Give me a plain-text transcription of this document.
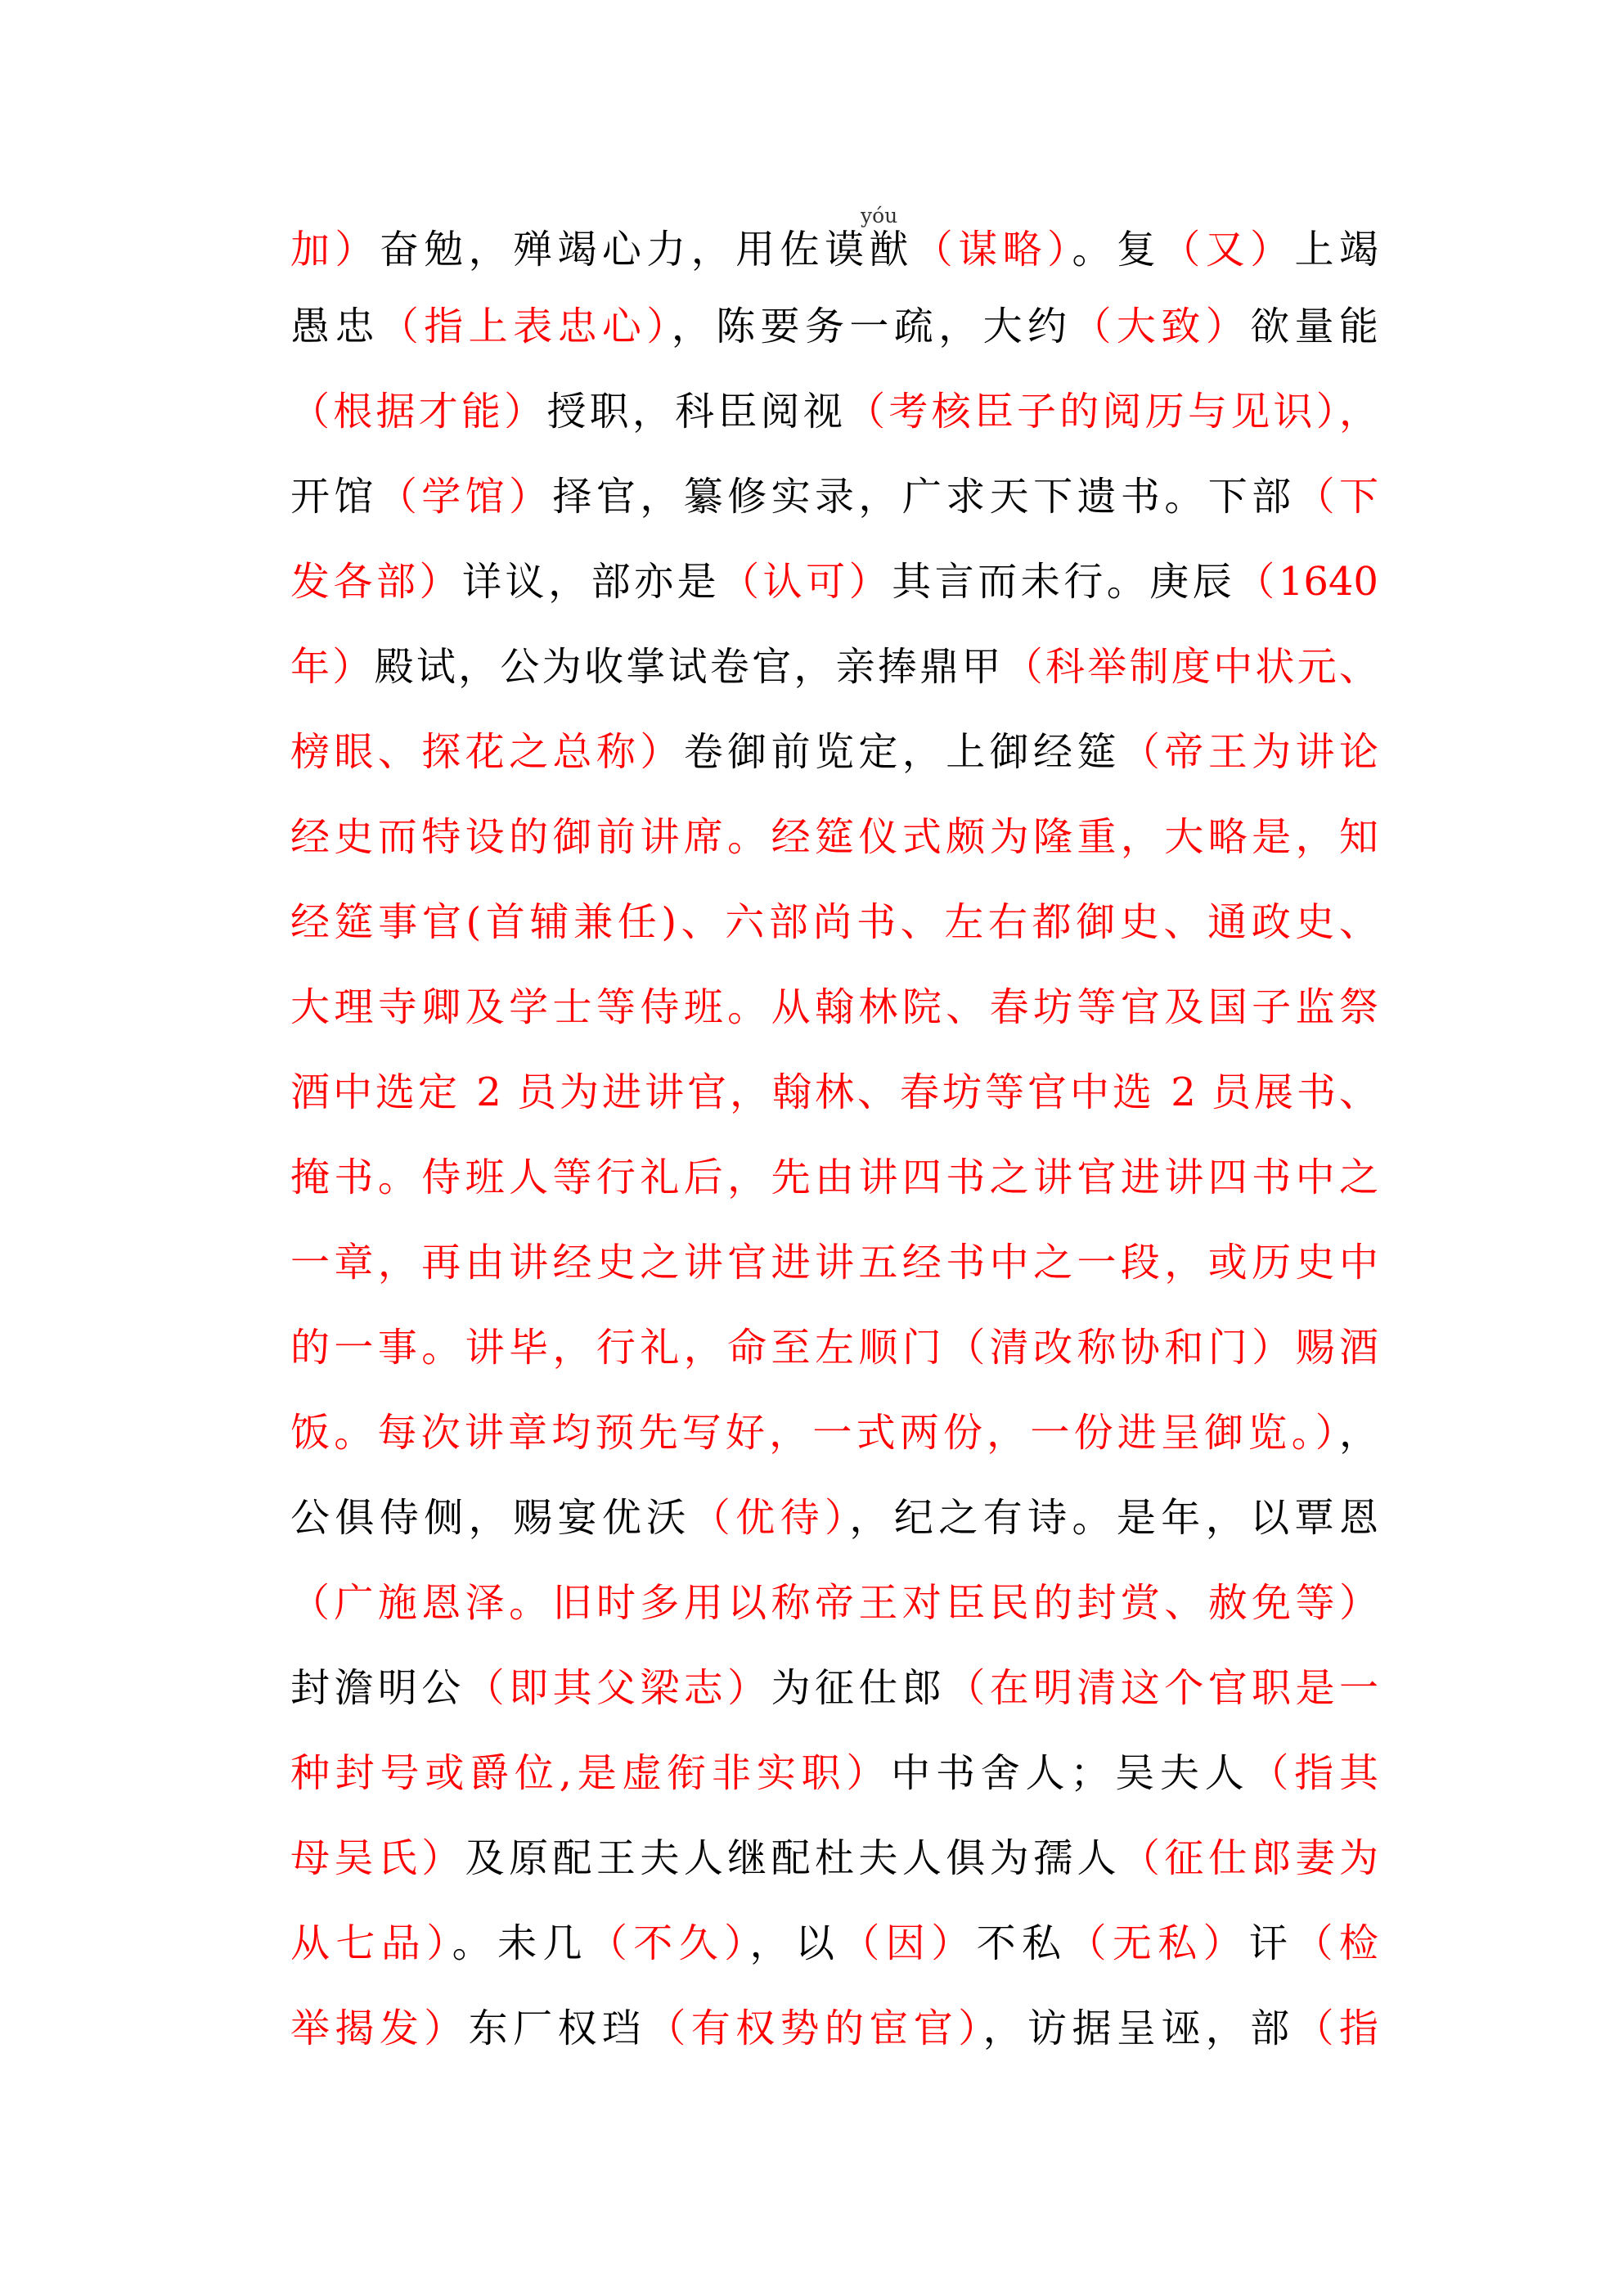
yóu
加）奋勉，殚竭心力，用佐谟猷（谋略）。复（又）上竭
愚忠（指上表忠心），陈要务一疏，大约（大致）欲量能
（根据才能）授职，科臣阅视（考核臣子的阅历与见识），
开馆（学馆）择官，纂修实录，广求天下遗书。下部（下
发各部）详议，部亦是（认可）其言而未行。庚辰（1640
年）殿试，公为收掌试卷官，亲捧鼎甲（科举制度中状元、
榜眼、探花之总称）卷御前览定，上御经筵（帝王为讲论
经史而特设的御前讲席。经筵仪式颇为隆重，大略是，知
经筵事官(首辅兼任)、六部尚书、左右都御史、通政史、
大理寺卿及学士等侍班。从翰林院、春坊等官及国子监祭
酒中选定 2 员为进讲官，翰林、春坊等官中选 2 员展书、
掩书。侍班人等行礼后，先由讲四书之讲官进讲四书中之
一章，再由讲经史之讲官进讲五经书中之一段，或历史中
的一事。讲毕，行礼，命至左顺门（清改称协和门）赐酒
饭。每次讲章均预先写好，一式两份，一份进呈御览。），
公俱侍侧，赐宴优沃（优待），纪之有诗。是年，以覃恩
（广施恩泽。旧时多用以称帝王对臣民的封赏、赦免等）
封澹明公（即其父梁志）为征仕郎（在明清这个官职是一
种封号或爵位,是虚衔非实职）中书舍人；吴夫人（指其
母吴氏）及原配王夫人继配杜夫人俱为孺人（征仕郎妻为
从七品）。未几（不久），以（因）不私（无私）讦（检
举揭发）东厂权珰（有权势的宦官），访据呈诬，部（指
